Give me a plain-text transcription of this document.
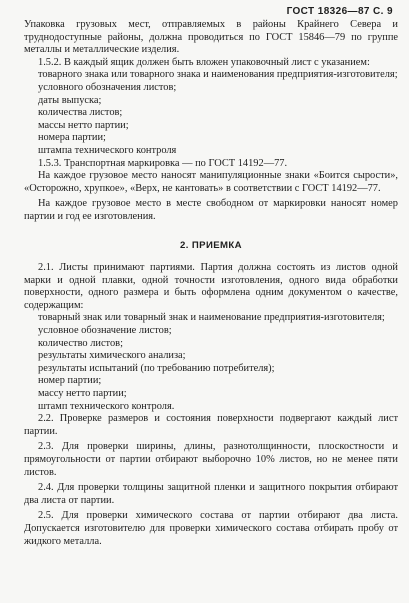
ГОСТ 18326—87 С. 9

Упаковка грузовых мест, отправляемых в районы Крайнего Севера и труднодоступные районы, должна проводиться по ГОСТ 15846—79 по группе металлы и металлические изделия.

1.5.2. В каждый ящик должен быть вложен упаковочный лист с указанием:

товарного знака или товарного знака и наименования предприятия-изготовителя;

условного обозначения листов;

даты выпуска;

количества листов;

массы нетто партии;

номера партии;

штампа технического контроля

1.5.3. Транспортная маркировка — по ГОСТ 14192—77.

На каждое грузовое место наносят манипуляционные знаки «Боится сырости», «Осторожно, хрупкое», «Верх, не кантовать» в соответствии с ГОСТ 14192—77.

На каждое грузовое место в месте свободном от маркировки наносят номер партии и год ее изготовления.

2. ПРИЕМКА

2.1. Листы принимают партиями. Партия должна состоять из листов одной марки и одной плавки, одной точности изготовления, одного вида обработки поверхности, одного размера и быть оформлена одним документом о качестве, содержащим:

товарный знак или товарный знак и наименование предприятия-изготовителя;

условное обозначение листов;

количество листов;

результаты химического анализа;

результаты испытаний (по требованию потребителя);

номер партии;

массу нетто партии;

штамп технического контроля.

2.2. Проверке размеров и состояния поверхности подвергают каждый лист партии.

2.3. Для проверки ширины, длины, разнотолщинности, плоскостности и прямоугольности от партии отбирают выборочно 10% листов, но не менее пяти листов.

2.4. Для проверки толщины защитной пленки и защитного покрытия отбирают два листа от партии.

2.5. Для проверки химического состава от партии отбирают два листа. Допускается изготовителю для проверки химического состава отбирать пробу от жидкого металла.
